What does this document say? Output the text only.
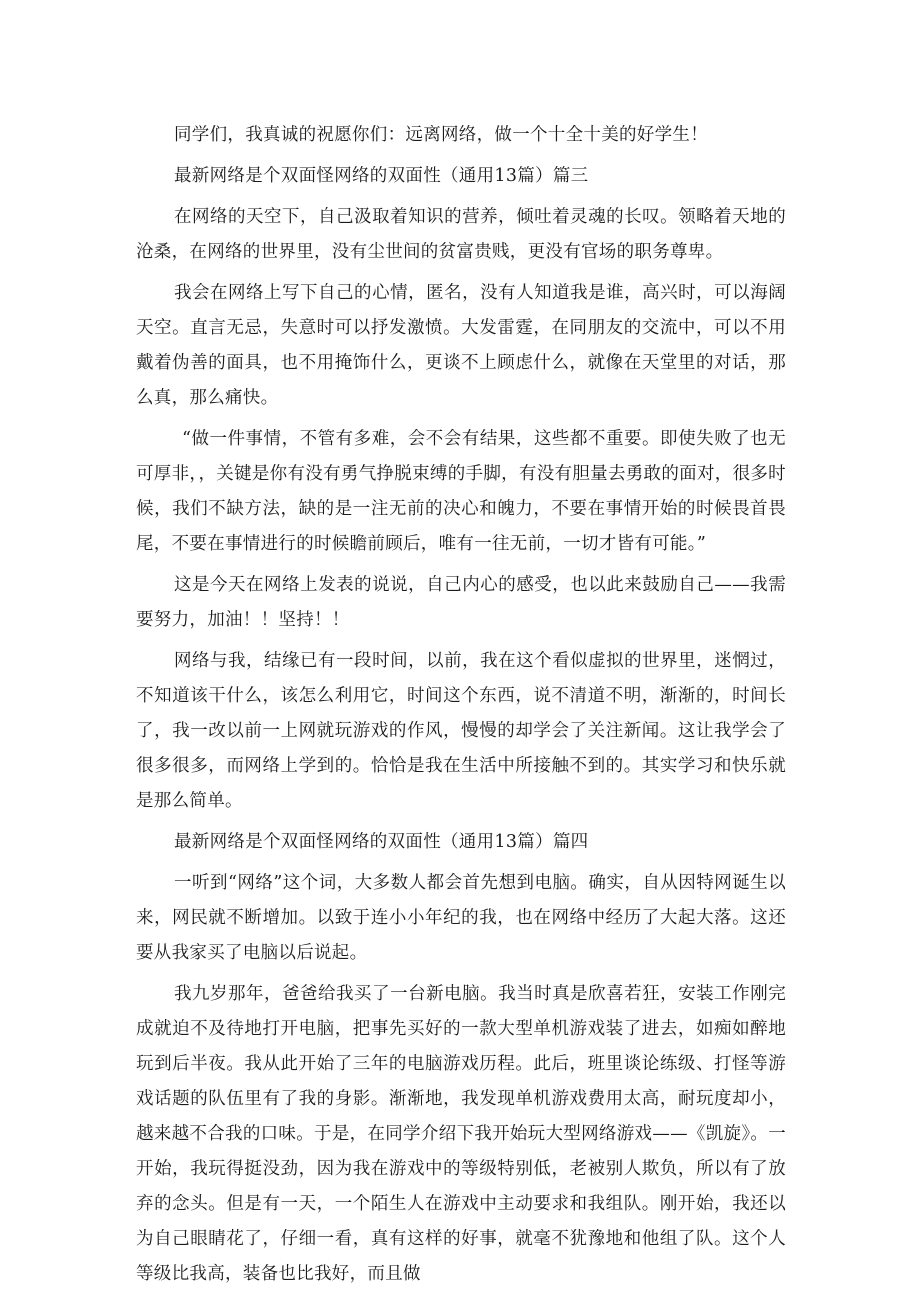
同学们，我真诚的祝愿你们：远离网络，做一个十全十美的好学生！

最新网络是个双面怪网络的双面性（通用13篇）篇三

在网络的天空下，自己汲取着知识的营养，倾吐着灵魂的长叹。领略着天地的沧桑，在网络的世界里，没有尘世间的贫富贵贱，更没有官场的职务尊卑。

我会在网络上写下自己的心情，匿名，没有人知道我是谁，高兴时，可以海阔天空。直言无忌，失意时可以抒发激愤。大发雷霆，在同朋友的交流中，可以不用戴着伪善的面具，也不用掩饰什么，更谈不上顾虑什么，就像在天堂里的对话，那么真，那么痛快。

“做一件事情，不管有多难，会不会有结果，这些都不重要。即使失败了也无可厚非，，关键是你有没有勇气挣脱束缚的手脚，有没有胆量去勇敢的面对，很多时候，我们不缺方法，缺的是一注无前的决心和魄力，不要在事情开始的时候畏首畏尾，不要在事情进行的时候瞻前顾后，唯有一往无前，一切才皆有可能。”

这是今天在网络上发表的说说，自己内心的感受，也以此来鼓励自己——我需要努力，加油！！坚持！！

网络与我，结缘已有一段时间，以前，我在这个看似虚拟的世界里，迷惘过，不知道该干什么，该怎么利用它，时间这个东西，说不清道不明，渐渐的，时间长了，我一改以前一上网就玩游戏的作风，慢慢的却学会了关注新闻。这让我学会了很多很多，而网络上学到的。恰恰是我在生活中所接触不到的。其实学习和快乐就是那么简单。

最新网络是个双面怪网络的双面性（通用13篇）篇四

一听到“网络”这个词，大多数人都会首先想到电脑。确实，自从因特网诞生以来，网民就不断增加。以致于连小小年纪的我，也在网络中经历了大起大落。这还要从我家买了电脑以后说起。

我九岁那年，爸爸给我买了一台新电脑。我当时真是欣喜若狂，安装工作刚完成就迫不及待地打开电脑，把事先买好的一款大型单机游戏装了进去，如痴如醉地玩到后半夜。我从此开始了三年的电脑游戏历程。此后，班里谈论练级、打怪等游戏话题的队伍里有了我的身影。渐渐地，我发现单机游戏费用太高，耐玩度却小，越来越不合我的口味。于是，在同学介绍下我开始玩大型网络游戏——《凯旋》。一开始，我玩得挺没劲，因为我在游戏中的等级特别低，老被别人欺负，所以有了放弃的念头。但是有一天，一个陌生人在游戏中主动要求和我组队。刚开始，我还以为自己眼睛花了，仔细一看，真有这样的好事，就毫不犹豫地和他组了队。这个人等级比我高，装备也比我好，而且做
